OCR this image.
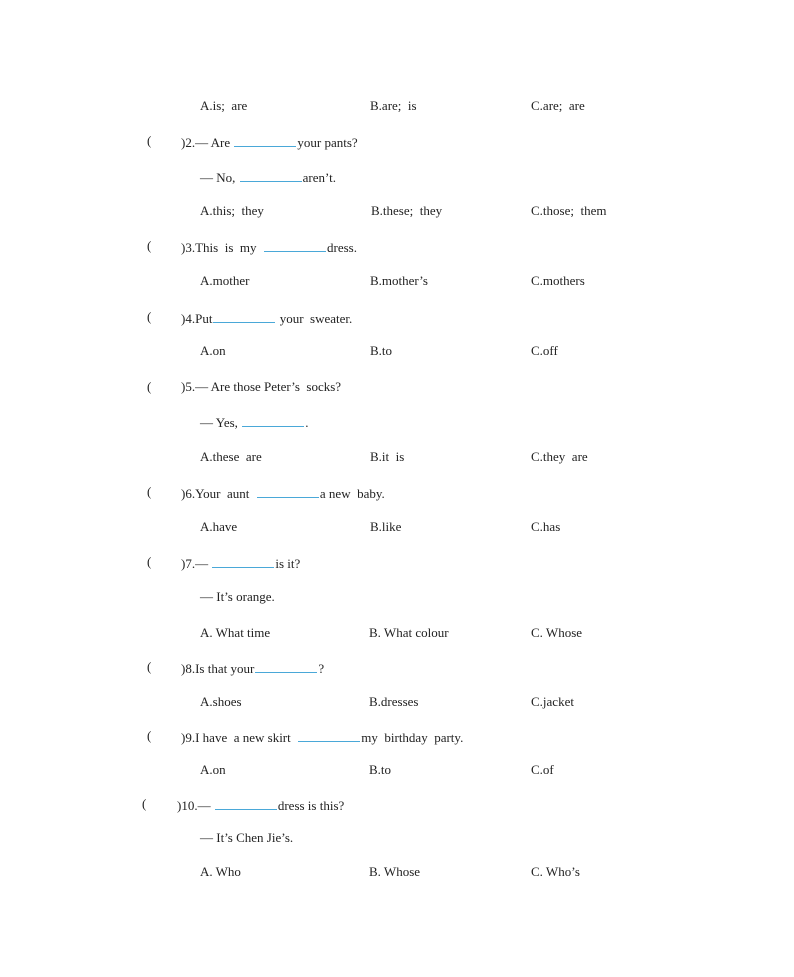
A.is;  are	B.are;  is	C.are;  are
( )2.— Are	your pants?
— No,	aren’t.
A.this;  they	B.these;  they	C.those;  them
( )3.This  is  my	dress.
A.mother	B.mother’s	C.mothers
( )4.Put	your  sweater.
A.on	B.to	C.off
( )5.— Are those Peter’s  socks?
— Yes,	.
A.these  are	B.it  is	C.they  are
( )6.Your  aunt	a new  baby.
A.have	B.like	C.has
( )7.—	is it?
— It’s orange.
A. What time	B. What colour	C. Whose
( )8.Is that your	?
A.shoes	B.dresses	C.jacket
( )9.I have  a new skirt	my  birthday  party.
A.on	B.to	C.of
( )10.—	dress is this?
— It’s Chen Jie’s.
A. Who	B. Whose	C. Who’s
